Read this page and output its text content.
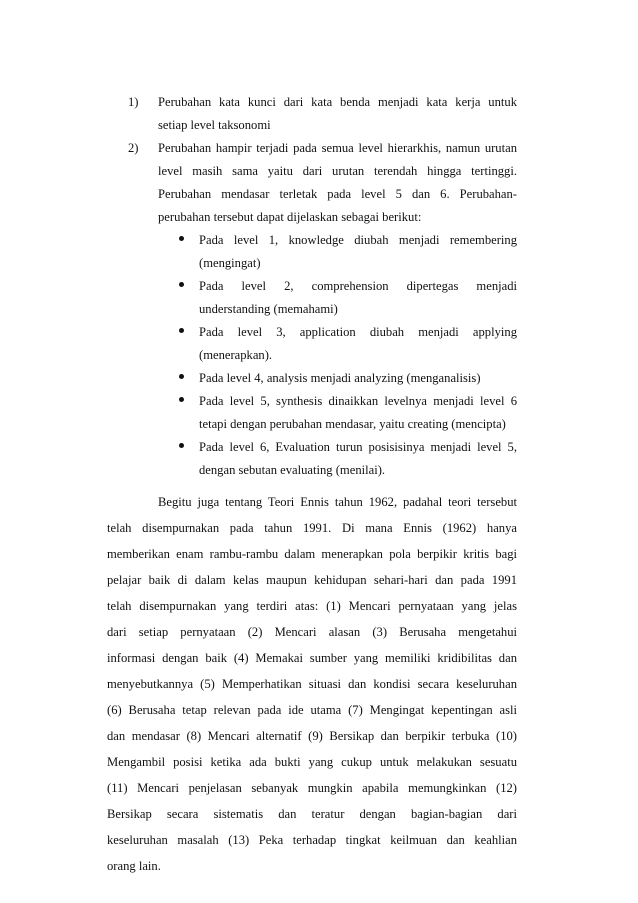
1) Perubahan kata kunci dari kata benda menjadi kata kerja untuk
setiap level taksonomi
2) Perubahan hampir terjadi pada semua level hierarkhis, namun urutan
level masih sama yaitu dari urutan terendah hingga tertinggi.
Perubahan mendasar terletak pada level 5 dan 6. Perubahan-
perubahan tersebut dapat dijelaskan sebagai berikut:
Pada level 1, knowledge diubah menjadi remembering
(mengingat)
Pada level 2, comprehension dipertegas menjadi
understanding (memahami)
Pada level 3, application diubah menjadi applying
(menerapkan).
Pada level 4, analysis menjadi analyzing (menganalisis)
Pada level 5, synthesis dinaikkan levelnya menjadi level 6
tetapi dengan perubahan mendasar, yaitu creating (mencipta)
Pada level 6, Evaluation turun posisisinya menjadi level 5,
dengan sebutan evaluating (menilai).
Begitu juga tentang Teori Ennis tahun 1962, padahal teori tersebut
telah disempurnakan pada tahun 1991. Di mana Ennis (1962) hanya
memberikan enam rambu-rambu dalam menerapkan pola berpikir kritis bagi
pelajar baik di dalam kelas maupun kehidupan sehari-hari dan pada 1991
telah disempurnakan yang terdiri atas: (1) Mencari pernyataan yang jelas
dari setiap pernyataan (2) Mencari alasan (3) Berusaha mengetahui
informasi dengan baik (4) Memakai sumber yang memiliki kridibilitas dan
menyebutkannya (5) Memperhatikan situasi dan kondisi secara keseluruhan
(6) Berusaha tetap relevan pada ide utama (7) Mengingat kepentingan asli
dan mendasar (8) Mencari alternatif (9) Bersikap dan berpikir terbuka (10)
Mengambil posisi ketika ada bukti yang cukup untuk melakukan sesuatu
(11) Mencari penjelasan sebanyak mungkin apabila memungkinkan (12)
Bersikap secara sistematis dan teratur dengan bagian-bagian dari
keseluruhan masalah (13) Peka terhadap tingkat keilmuan dan keahlian
orang lain.
